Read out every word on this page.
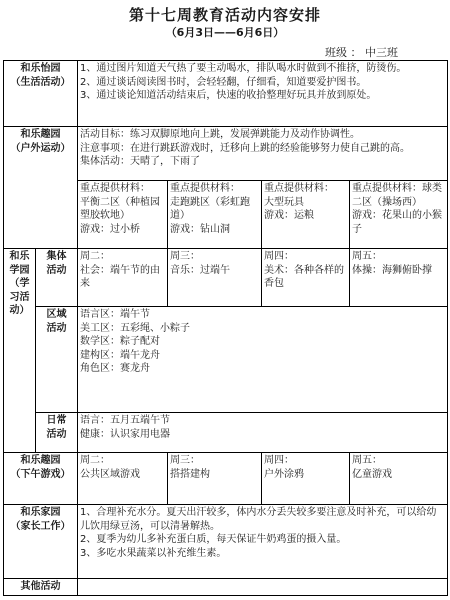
第十七周教育活动内容安排
（6月3日——6月6日）
班级 ： 中三班
和乐怡园
（生活活动）		1、通过图片知道天气热了要主动喝水，排队喝水时做到不推挤，防烫伤。
2、通过谈话阅读图书时，会轻轻翻，仔细看，知道要爱护图书。
3、通过谈论知道活动结束后，快速的收拾整理好玩具并放到原处。			

和乐趣园
（户外运动）		活动目标：练习双脚原地向上跳，发展弹跳能力及动作协调性。
注意事项：在进行跳跃游戏时，迁移向上跳的经验能够努力使自己跳的高。
集体活动：天晴了，下雨了			

		重点提供材料：
平衡二区（种植园塑胶软地）
游戏：过小桥	重点提供材料：
走跑跳区（彩虹跑道）
游戏：钻山洞	重点提供材料：
大型玩具
游戏：运粮	重点提供材料：球类二区（操场西）
游戏：花果山的小猴子

和乐学园（学习活动）	集体
活动	周二：
社会：端午节的由来	周三：
音乐：过端午	周四：
美术：各种各样的香包	周五：
体操：海狮俯卧撑

	区域
活动	语言区：端午节
美工区：五彩绳、小粽子
数学区：粽子配对
建构区：端午龙舟
角色区：赛龙舟			

	日常
活动	语言：五月五端午节
健康：认识家用电器			

和乐趣园
（下午游戏）		周二：
公共区域游戏	周三：
搭搭建构	周四：
户外涂鸦	周五：
亿童游戏

和乐家园
（家长工作）		1、合理补充水分。夏天出汗较多，体内水分丢失较多要注意及时补充，可以给幼儿饮用绿豆汤，可以清暑解热。
2、夏季为幼儿多补充蛋白质，每天保证牛奶鸡蛋的摄入量。
3、多吃水果蔬菜以补充维生素。			

其他活动					
